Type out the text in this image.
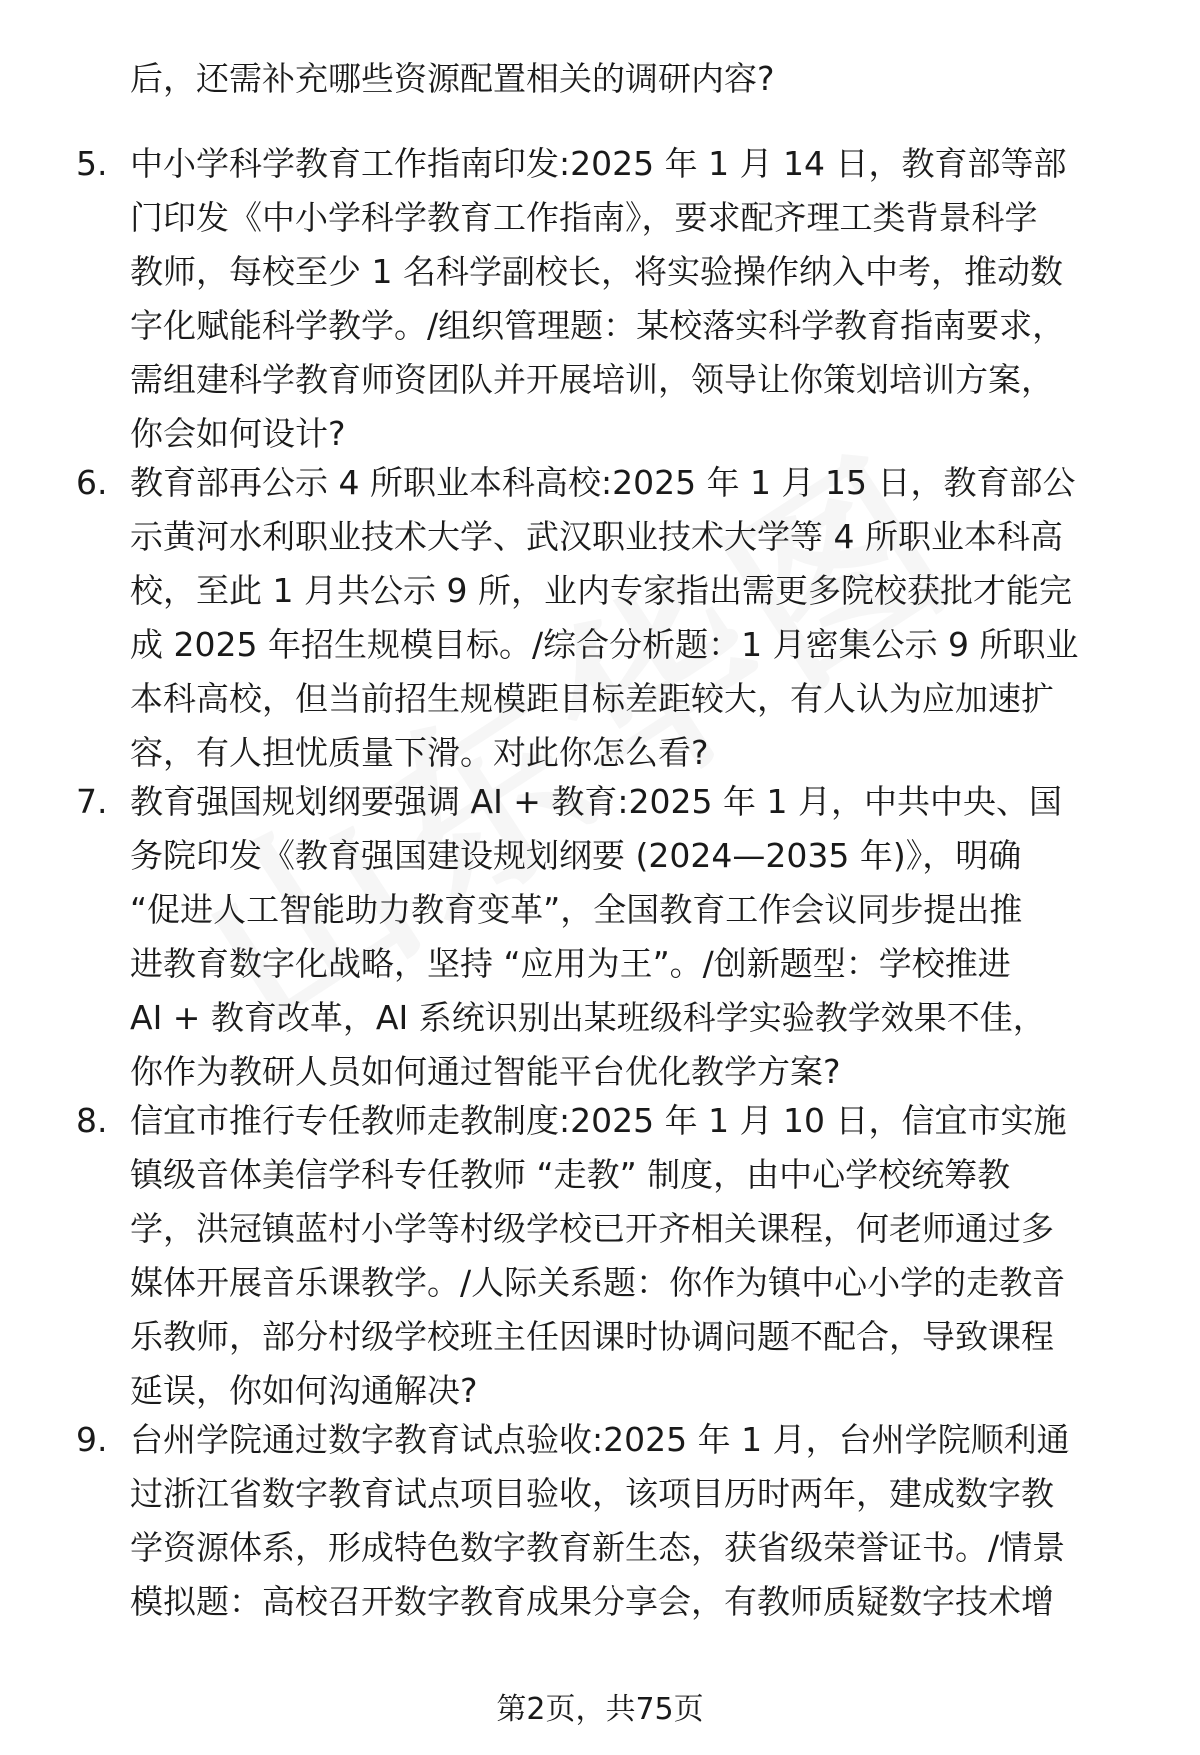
后，还需补充哪些资源配置相关的调研内容?
5. 中小学科学教育工作指南印发:2025 年 1 月 14 日，教育部等部
门印发《中小学科学教育工作指南》，要求配齐理工类背景科学
教师，每校至少 1 名科学副校长，将实验操作纳入中考，推动数
字化赋能科学教学。/组织管理题：某校落实科学教育指南要求，
需组建科学教育师资团队并开展培训，领导让你策划培训方案，
你会如何设计?
6. 教育部再公示 4 所职业本科高校:2025 年 1 月 15 日，教育部公
示黄河水利职业技术大学、武汉职业技术大学等 4 所职业本科高
校，至此 1 月共公示 9 所，业内专家指出需更多院校获批才能完
成 2025 年招生规模目标。/综合分析题：1 月密集公示 9 所职业
本科高校，但当前招生规模距目标差距较大，有人认为应加速扩
容，有人担忧质量下滑。对此你怎么看?
7. 教育强国规划纲要强调 AI + 教育:2025 年 1 月，中共中央、国
务院印发《教育强国建设规划纲要 (2024—2035 年)》，明确
“促进人工智能助力教育变革”，全国教育工作会议同步提出推
进教育数字化战略，坚持 “应用为王”。/创新题型：学校推进
AI + 教育改革，AI 系统识别出某班级科学实验教学效果不佳，
你作为教研人员如何通过智能平台优化教学方案?
8. 信宜市推行专任教师走教制度:2025 年 1 月 10 日，信宜市实施
镇级音体美信学科专任教师 “走教” 制度，由中心学校统筹教
学，洪冠镇蓝村小学等村级学校已开齐相关课程，何老师通过多
媒体开展音乐课教学。/人际关系题：你作为镇中心小学的走教音
乐教师，部分村级学校班主任因课时协调问题不配合，导致课程
延误，你如何沟通解决?
9. 台州学院通过数字教育试点验收:2025 年 1 月，台州学院顺利通
过浙江省数字教育试点项目验收，该项目历时两年，建成数字教
学资源体系，形成特色数字教育新生态，获省级荣誉证书。/情景
模拟题：高校召开数字教育成果分享会，有教师质疑数字技术增
第2页，共75页
